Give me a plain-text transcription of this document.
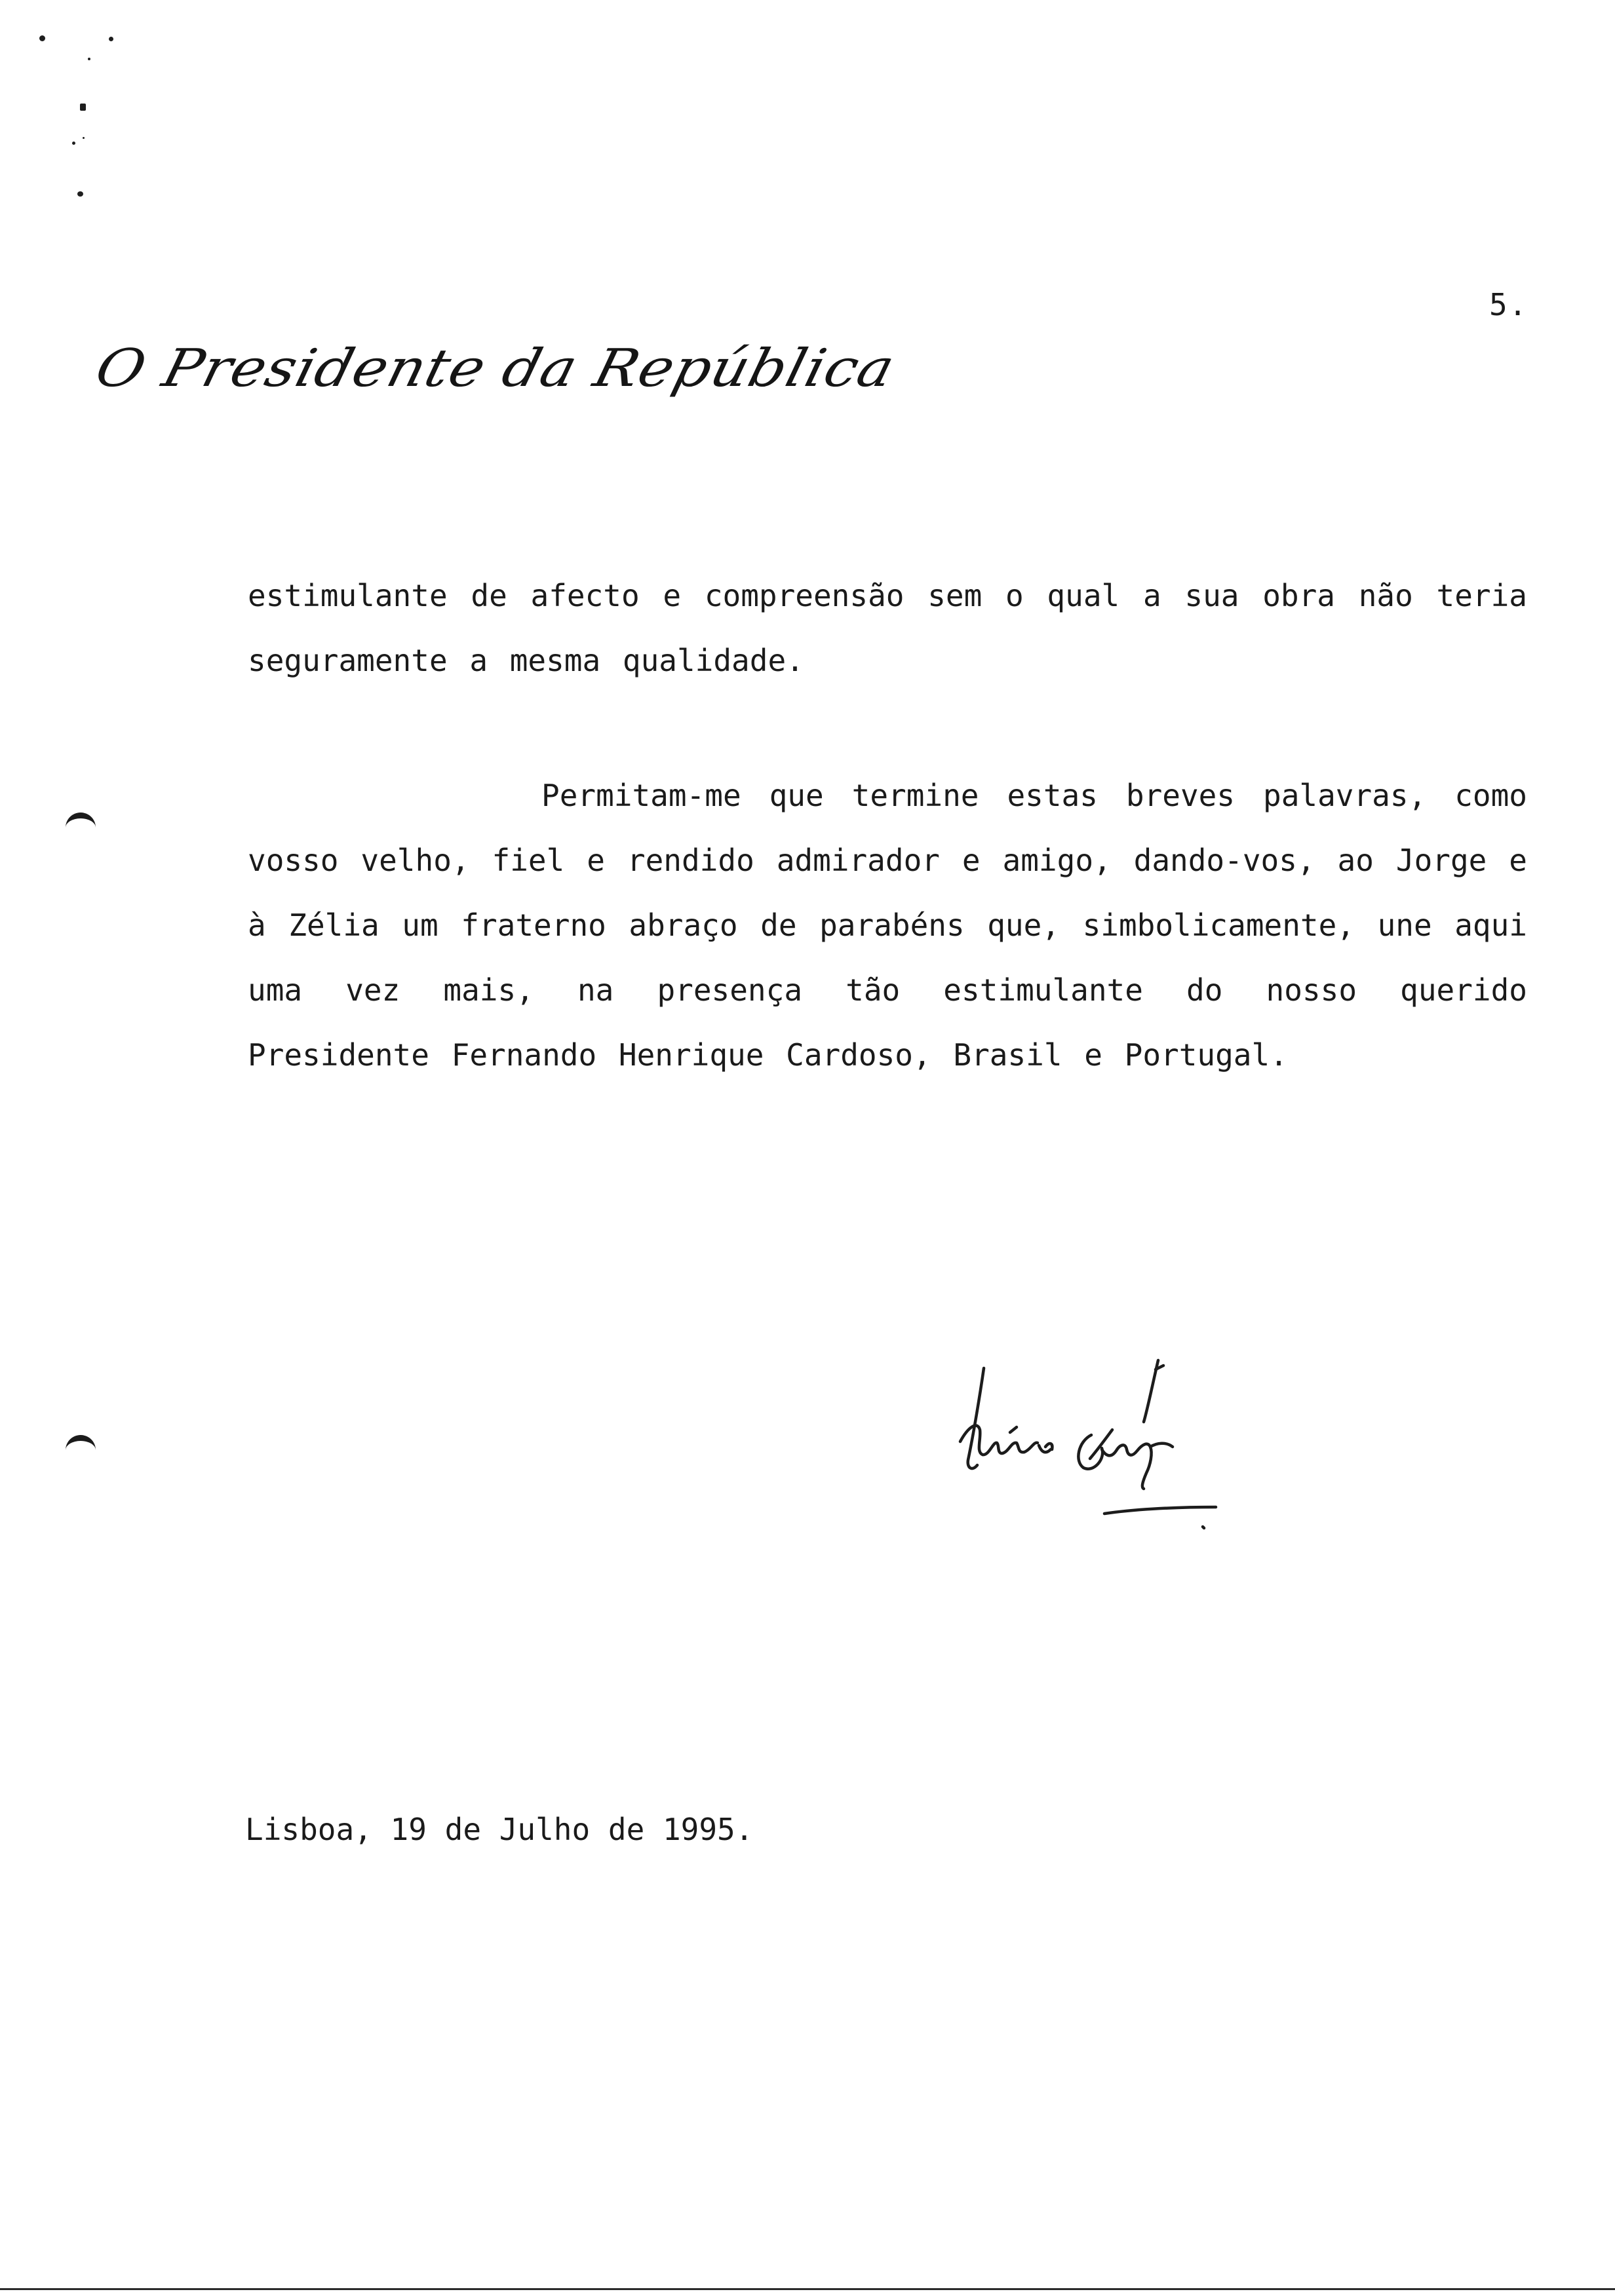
5.
O Presidente da República

estimulante de afecto e compreensão sem o qual a sua obra não teria seguramente a mesma qualidade.

Permitam-me que termine estas breves palavras, como vosso velho, fiel e rendido admirador e amigo, dando-vos, ao Jorge e à Zélia um fraterno abraço de parabéns que, simbolicamente, une aqui uma vez mais, na presença tão estimulante do nosso querido Presidente Fernando Henrique Cardoso, Brasil e Portugal.

Lisboa, 19 de Julho de 1995.
